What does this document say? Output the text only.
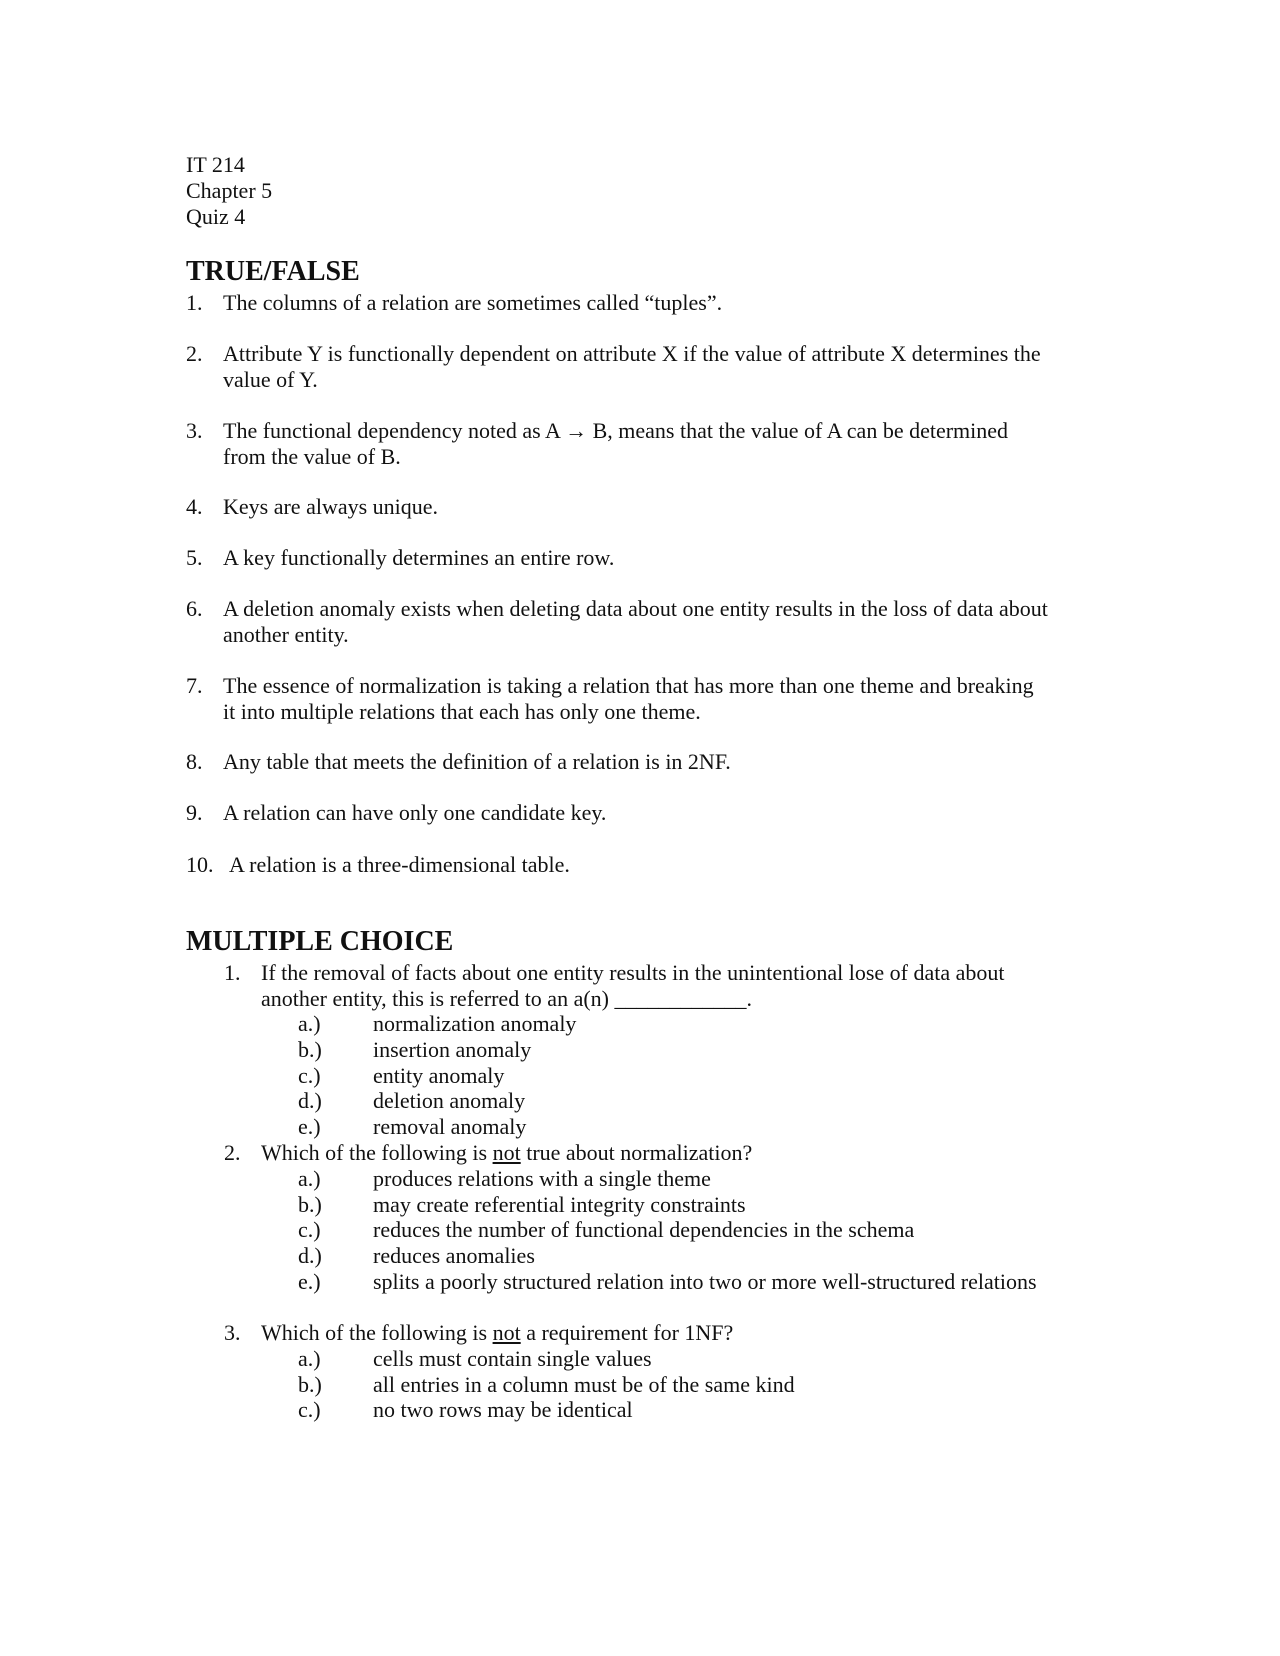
IT 214
Chapter 5
Quiz 4
TRUE/FALSE
1. The columns of a relation are sometimes called “tuples”.
2. Attribute Y is functionally dependent on attribute X if the value of attribute X determines the
value of Y.
3. The functional dependency noted as A → B, means that the value of A can be determined
from the value of B.
4. Keys are always unique.
5. A key functionally determines an entire row.
6. A deletion anomaly exists when deleting data about one entity results in the loss of data about
another entity.
7. The essence of normalization is taking a relation that has more than one theme and breaking
it into multiple relations that each has only one theme.
8. Any table that meets the definition of a relation is in 2NF.
9. A relation can have only one candidate key.
10. A relation is a three-dimensional table.
MULTIPLE CHOICE
1. If the removal of facts about one entity results in the unintentional lose of data about
another entity, this is referred to an a(n) ____________.
a.) normalization anomaly
b.) insertion anomaly
c.) entity anomaly
d.) deletion anomaly
e.) removal anomaly
2. Which of the following is not true about normalization?
a.) produces relations with a single theme
b.) may create referential integrity constraints
c.) reduces the number of functional dependencies in the schema
d.) reduces anomalies
e.) splits a poorly structured relation into two or more well-structured relations
3. Which of the following is not a requirement for 1NF?
a.) cells must contain single values
b.) all entries in a column must be of the same kind
c.) no two rows may be identical
